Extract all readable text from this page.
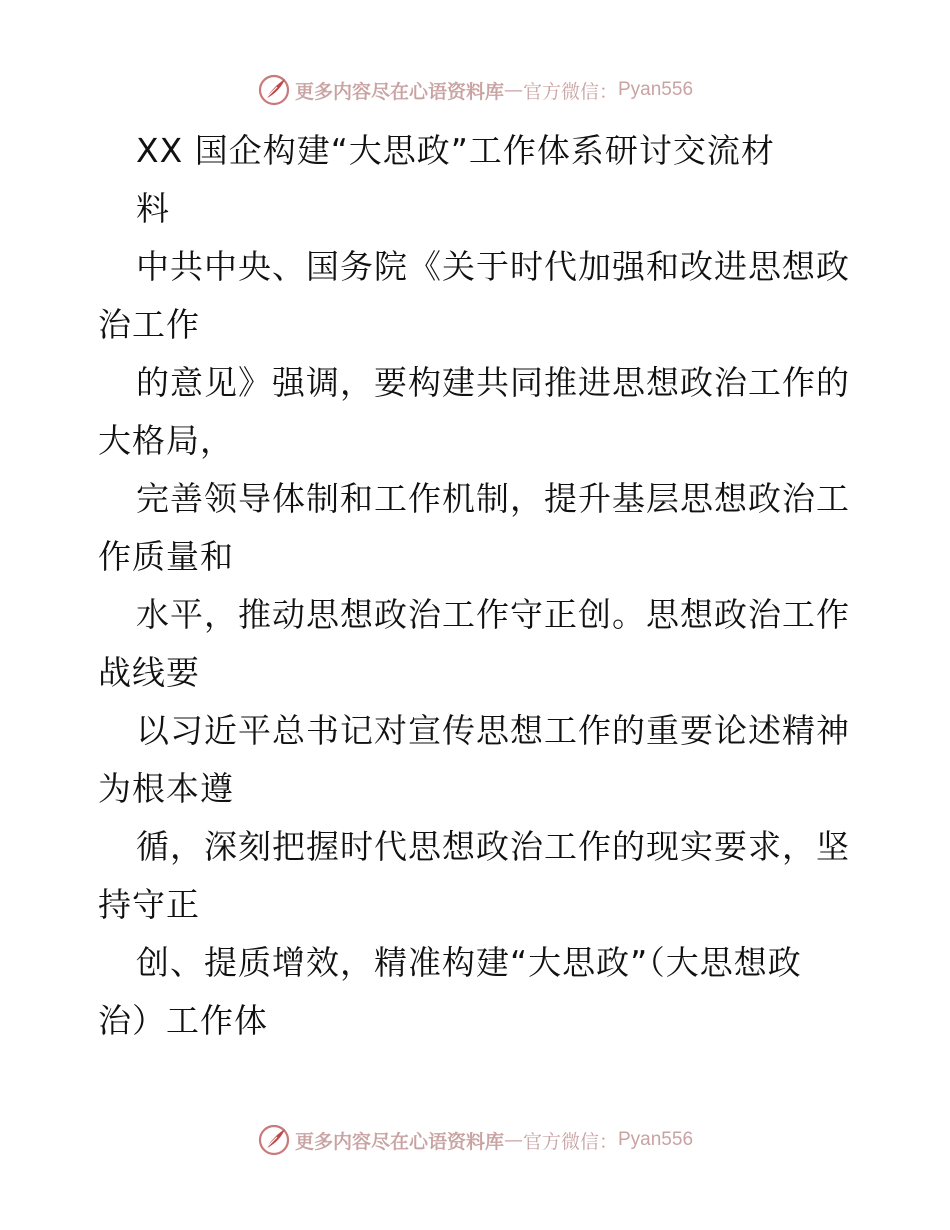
更多内容尽在心语资料库 — 官方微信： Pyan556
XX 国企构建“大思政”工作体系研讨交流材
料
中共中央、国务院《关于时代加强和改进思想政
治工作
的意见》强调，要构建共同推进思想政治工作的
大格局，
完善领导体制和工作机制，提升基层思想政治工
作质量和
水平，推动思想政治工作守正创。思想政治工作
战线要
以习近平总书记对宣传思想工作的重要论述精神
为根本遵
循，深刻把握时代思想政治工作的现实要求，坚
持守正
创、提质增效，精准构建“大思政”（大思想政
治）工作体
更多内容尽在心语资料库 — 官方微信： Pyan556
